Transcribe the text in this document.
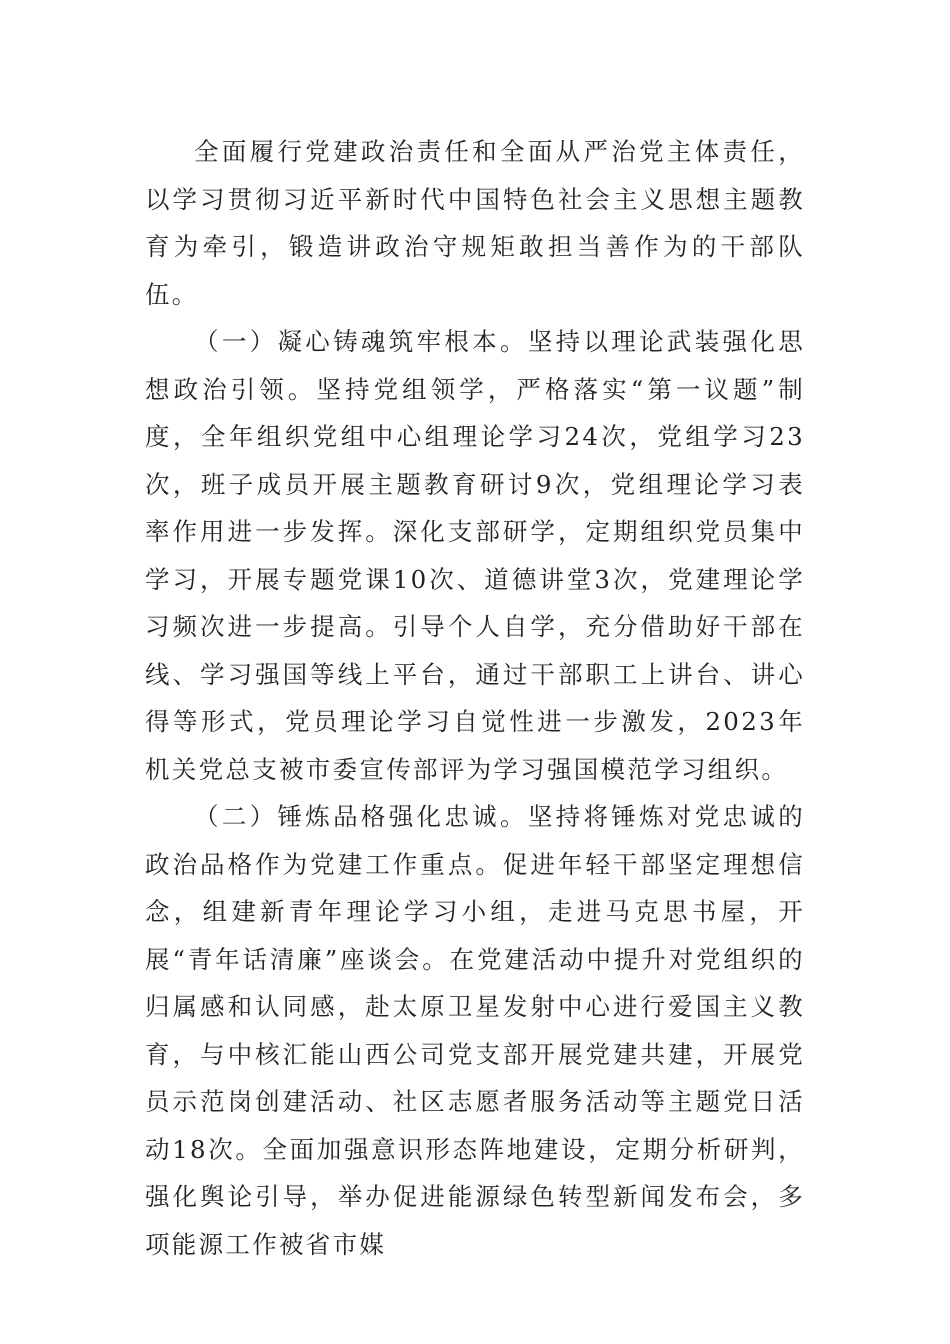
全面履行党建政治责任和全面从严治党主体责任，以学习贯彻习近平新时代中国特色社会主义思想主题教育为牵引，锻造讲政治守规矩敢担当善作为的干部队伍。

（一）凝心铸魂筑牢根本。坚持以理论武装强化思想政治引领。坚持党组领学，严格落实“第一议题”制度，全年组织党组中心组理论学习24次，党组学习23次，班子成员开展主题教育研讨9次，党组理论学习表率作用进一步发挥。深化支部研学，定期组织党员集中学习，开展专题党课10次、道德讲堂3次，党建理论学习频次进一步提高。引导个人自学，充分借助好干部在线、学习强国等线上平台，通过干部职工上讲台、讲心得等形式，党员理论学习自觉性进一步激发，2023年机关党总支被市委宣传部评为学习强国模范学习组织。

（二）锤炼品格强化忠诚。坚持将锤炼对党忠诚的政治品格作为党建工作重点。促进年轻干部坚定理想信念，组建新青年理论学习小组，走进马克思书屋，开展“青年话清廉”座谈会。在党建活动中提升对党组织的归属感和认同感，赴太原卫星发射中心进行爱国主义教育，与中核汇能山西公司党支部开展党建共建，开展党员示范岗创建活动、社区志愿者服务活动等主题党日活动18次。全面加强意识形态阵地建设，定期分析研判，强化舆论引导，举办促进能源绿色转型新闻发布会，多项能源工作被省市媒
